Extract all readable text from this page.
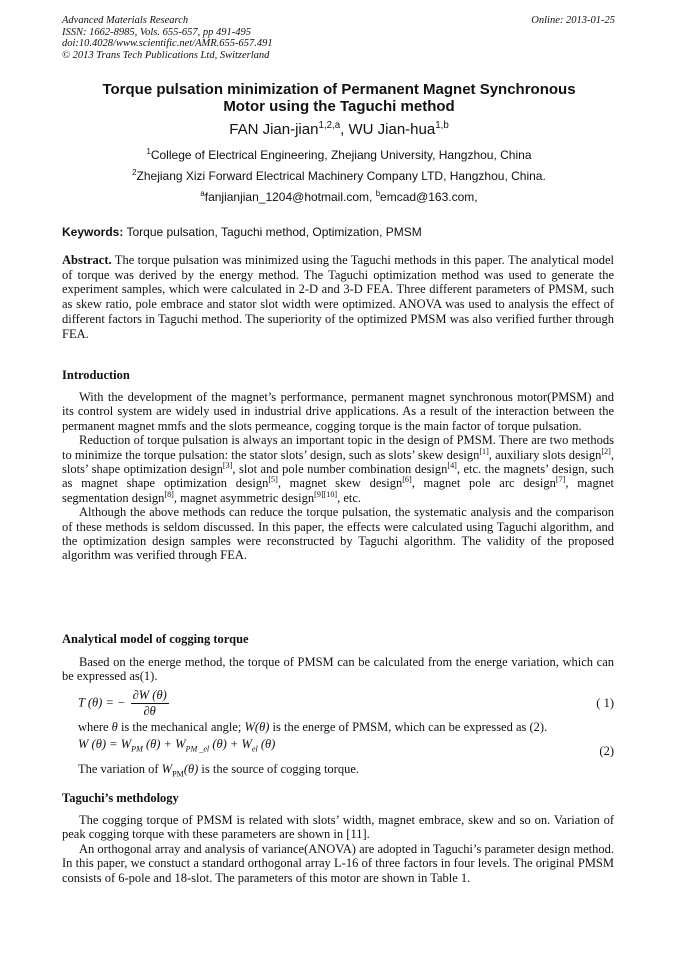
Advanced Materials Research
ISSN: 1662-8985, Vols. 655-657, pp 491-495
doi:10.4028/www.scientific.net/AMR.655-657.491
© 2013 Trans Tech Publications Ltd, Switzerland
Online: 2013-01-25
Torque pulsation minimization of Permanent Magnet Synchronous
Motor using the Taguchi method
FAN Jian-jian$^{1,2,a}$, WU Jian-hua$^{1,b}$
$^1$College of Electrical Engineering, Zhejiang University, Hangzhou, China
$^2$Zhejiang Xizi Forward Electrical Machinery Company LTD, Hangzhou, China.
$^a$fanjianjian_1204@hotmail.com, $^b$emcad@163.com,
Keywords: Torque pulsation, Taguchi method, Optimization, PMSM
Abstract. The torque pulsation was minimized using the Taguchi methods in this paper. The analytical model of torque was derived by the energy method. The Taguchi optimization method was used to generate the experiment samples, which were calculated in 2-D and 3-D FEA. Three different parameters of PMSM, such as skew ratio, pole embrace and stator slot width were optimized. ANOVA was used to analysis the effect of different factors in Taguchi method. The superiority of the optimized PMSM was also verified further through FEA.
Introduction

With the development of the magnet’s performance, permanent magnet synchronous motor(PMSM) and its control system are widely used in industrial drive applications. As a result of the interaction between the permanent magnet mmfs and the slots permeance, cogging torque is the main factor of torque pulsation.

Reduction of torque pulsation is always an important topic in the design of PMSM. There are two methods to minimize the torque pulsation: the stator slots’ design, such as slots’ skew design[1], auxiliary slots design[2], slots’ shape optimization design[3], slot and pole number combination design[4], etc. the magnets’ design, such as magnet shape optimization design[5], magnet skew design[6], magnet pole arc design[7], magnet segmentation design[8], magnet asymmetric design[9][10], etc.

Although the above methods can reduce the torque pulsation, the systematic analysis and the comparison of these methods is seldom discussed. In this paper, the effects were calculated using Taguchi algorithm, and the optimization design samples were reconstructed by Taguchi algorithm. The validity of the proposed algorithm was verified through FEA.

Analytical model of cogging torque

Based on the energe method, the torque of PMSM can be calculated from the energe variation, which can be expressed as(1).

T (θ) = − $\frac{\partial W (\theta)}{\partial\theta}$	( 1)
where θ is the mechanical angle; W(θ) is the energe of PMSM, which can be expressed as (2).
W $(\theta) = W_{PM}$ $(\theta) + W_{PM \_el}$ $(\theta) + W_{el}$ (θ)	(2)
The variation of $W_{PM}(\theta)$ is the source of cogging torque.
Taguchi’s methdology

The cogging torque of PMSM is related with slots’ width, magnet embrace, skew and so on. Variation of peak cogging torque with these parameters are shown in [11].

An orthogonal array and analysis of variance(ANOVA) are adopted in Taguchi’s parameter design method. In this paper, we constuct a standard orthogonal array L-16 of three factors in four levels. The original PMSM consists of 6-pole and 18-slot. The parameters of this motor are shown in Table 1.
